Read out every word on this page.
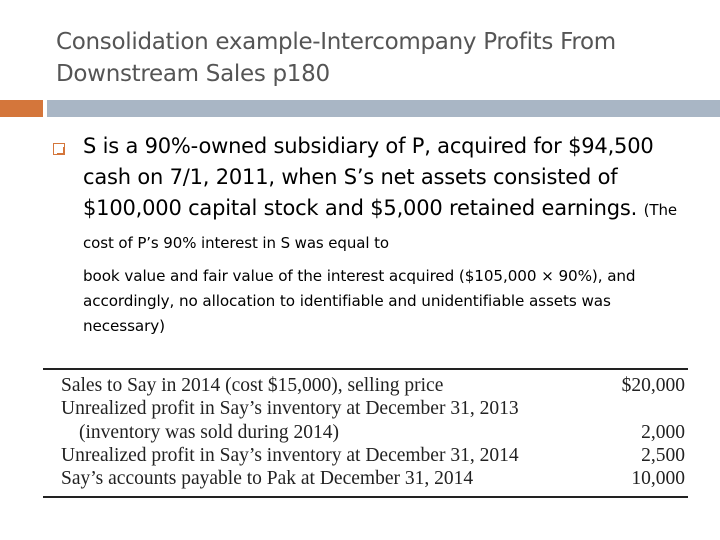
Consolidation example-Intercompany Profits From
Downstream Sales p180
S is a 90%-owned subsidiary of P, acquired for $94,500 cash on 7/1, 2011, when S’s net assets consisted of $100,000 capital stock and $5,000 retained earnings. (The cost of P’s 90% interest in S was equal to
book value and fair value of the interest acquired ($105,000 × 90%), and accordingly, no allocation to identifiable and unidentifiable assets was necessary)
Sales to Say in 2014 (cost $15,000), selling price	$20,000
Unrealized profit in Say’s inventory at December 31, 2013
(inventory was sold during 2014)	2,000
Unrealized profit in Say’s inventory at December 31, 2014	2,500
Say’s accounts payable to Pak at December 31, 2014	10,000
